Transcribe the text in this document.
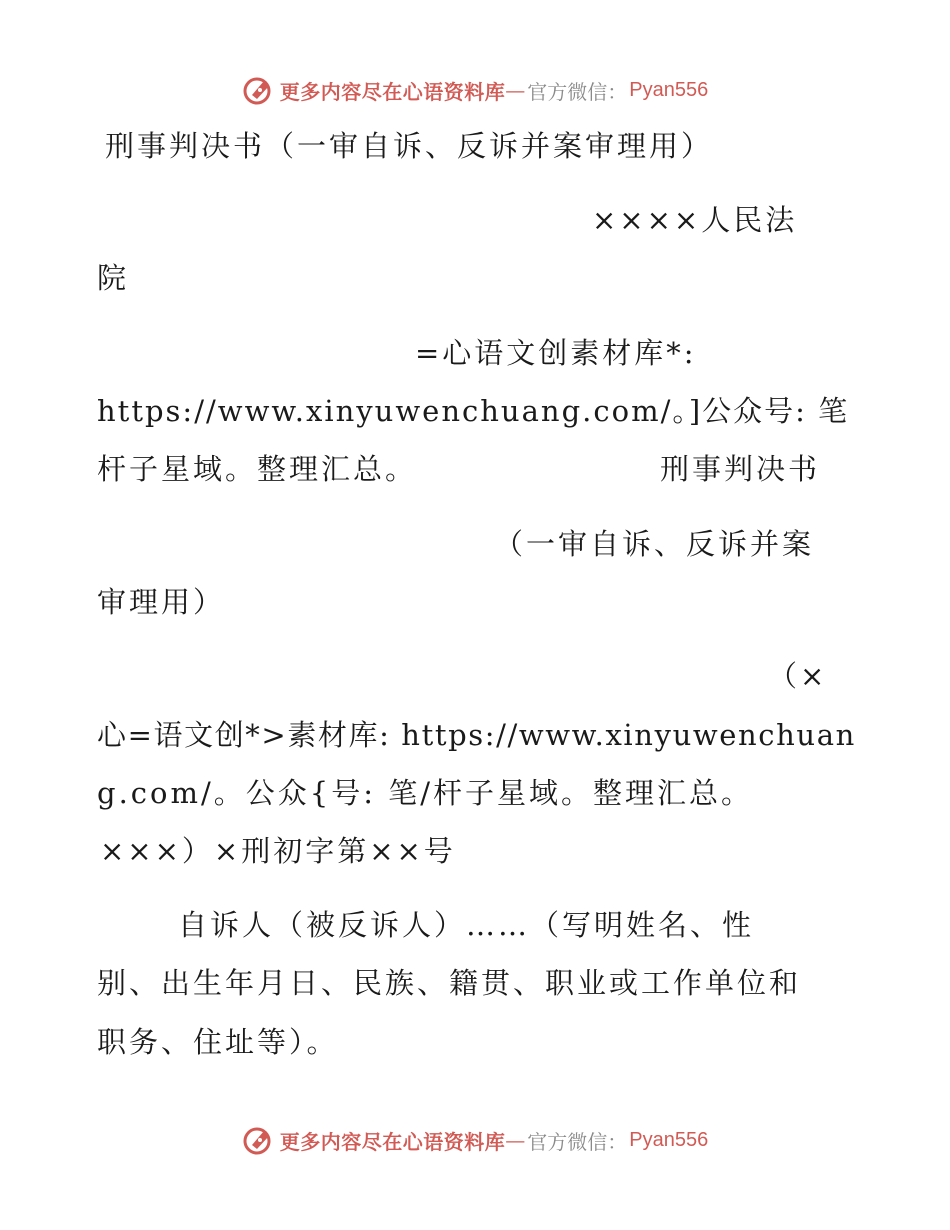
更多内容尽在心语资料库 — 官方微信： Pyan556
刑事判决书（一审自诉、反诉并案审理用）
××××人民法
院
=心语文创素材库*:
https://www.xinyuwenchuang.com/。]公众号: 笔
杆子星域。整理汇总。	刑事判决书
（一审自诉、反诉并案
审理用）
（×
心=语文创*>素材库: https://www.xinyuwenchuan
g.com/。公众{号: 笔/杆子星域。整理汇总。
×××）×刑初字第××号
自诉人（被反诉人）……（写明姓名、性
别、出生年月日、民族、籍贯、职业或工作单位和
职务、住址等）。
更多内容尽在心语资料库 — 官方微信： Pyan556
